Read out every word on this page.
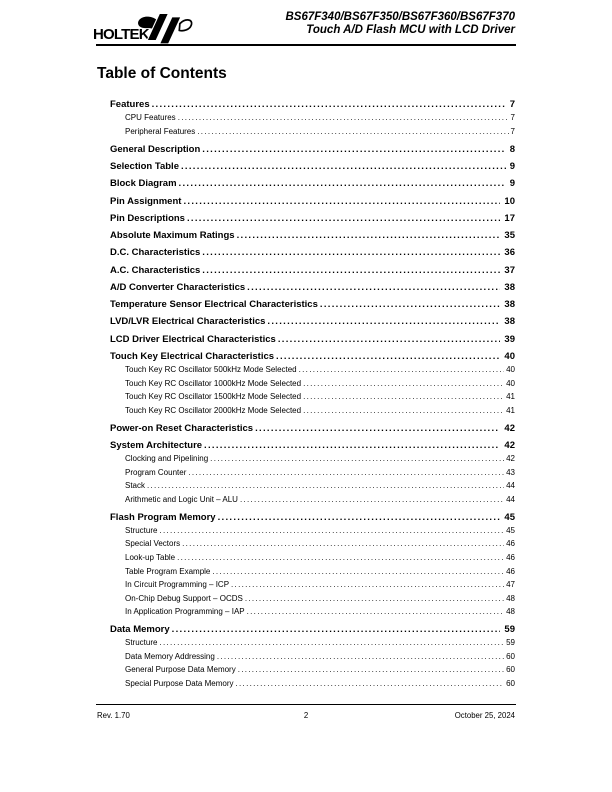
HOLTEK
BS67F340/BS67F350/BS67F360/BS67F370
Touch A/D Flash MCU with LCD Driver
Table of Contents
Features .....	7
CPU Features .....	7
Peripheral Features .....	7
General Description .....	8
Selection Table .....	9
Block Diagram .....	9
Pin Assignment .....	10
Pin Descriptions .....	17
Absolute Maximum Ratings .....	35
D.C. Characteristics .....	36
A.C. Characteristics .....	37
A/D Converter Characteristics .....	38
Temperature Sensor Electrical Characteristics .....	38
LVD/LVR Electrical Characteristics .....	38
LCD Driver Electrical Characteristics .....	39
Touch Key Electrical Characteristics .....	40
Touch Key RC Oscillator 500kHz Mode Selected .....	40
Touch Key RC Oscillator 1000kHz Mode Selected .....	40
Touch Key RC Oscillator 1500kHz Mode Selected .....	41
Touch Key RC Oscillator 2000kHz Mode Selected .....	41
Power-on Reset Characteristics .....	42
System Architecture .....	42
Clocking and Pipelining .....	42
Program Counter .....	43
Stack .....	44
Arithmetic and Logic Unit – ALU .....	44
Flash Program Memory .....	45
Structure .....	45
Special Vectors .....	46
Look-up Table .....	46
Table Program Example .....	46
In Circuit Programming – ICP .....	47
On-Chip Debug Support – OCDS .....	48
In Application Programming – IAP .....	48
Data Memory .....	59
Structure .....	59
Data Memory Addressing .....	60
General Purpose Data Memory .....	60
Special Purpose Data Memory .....	60
Rev. 1.70	2	October 25, 2024
